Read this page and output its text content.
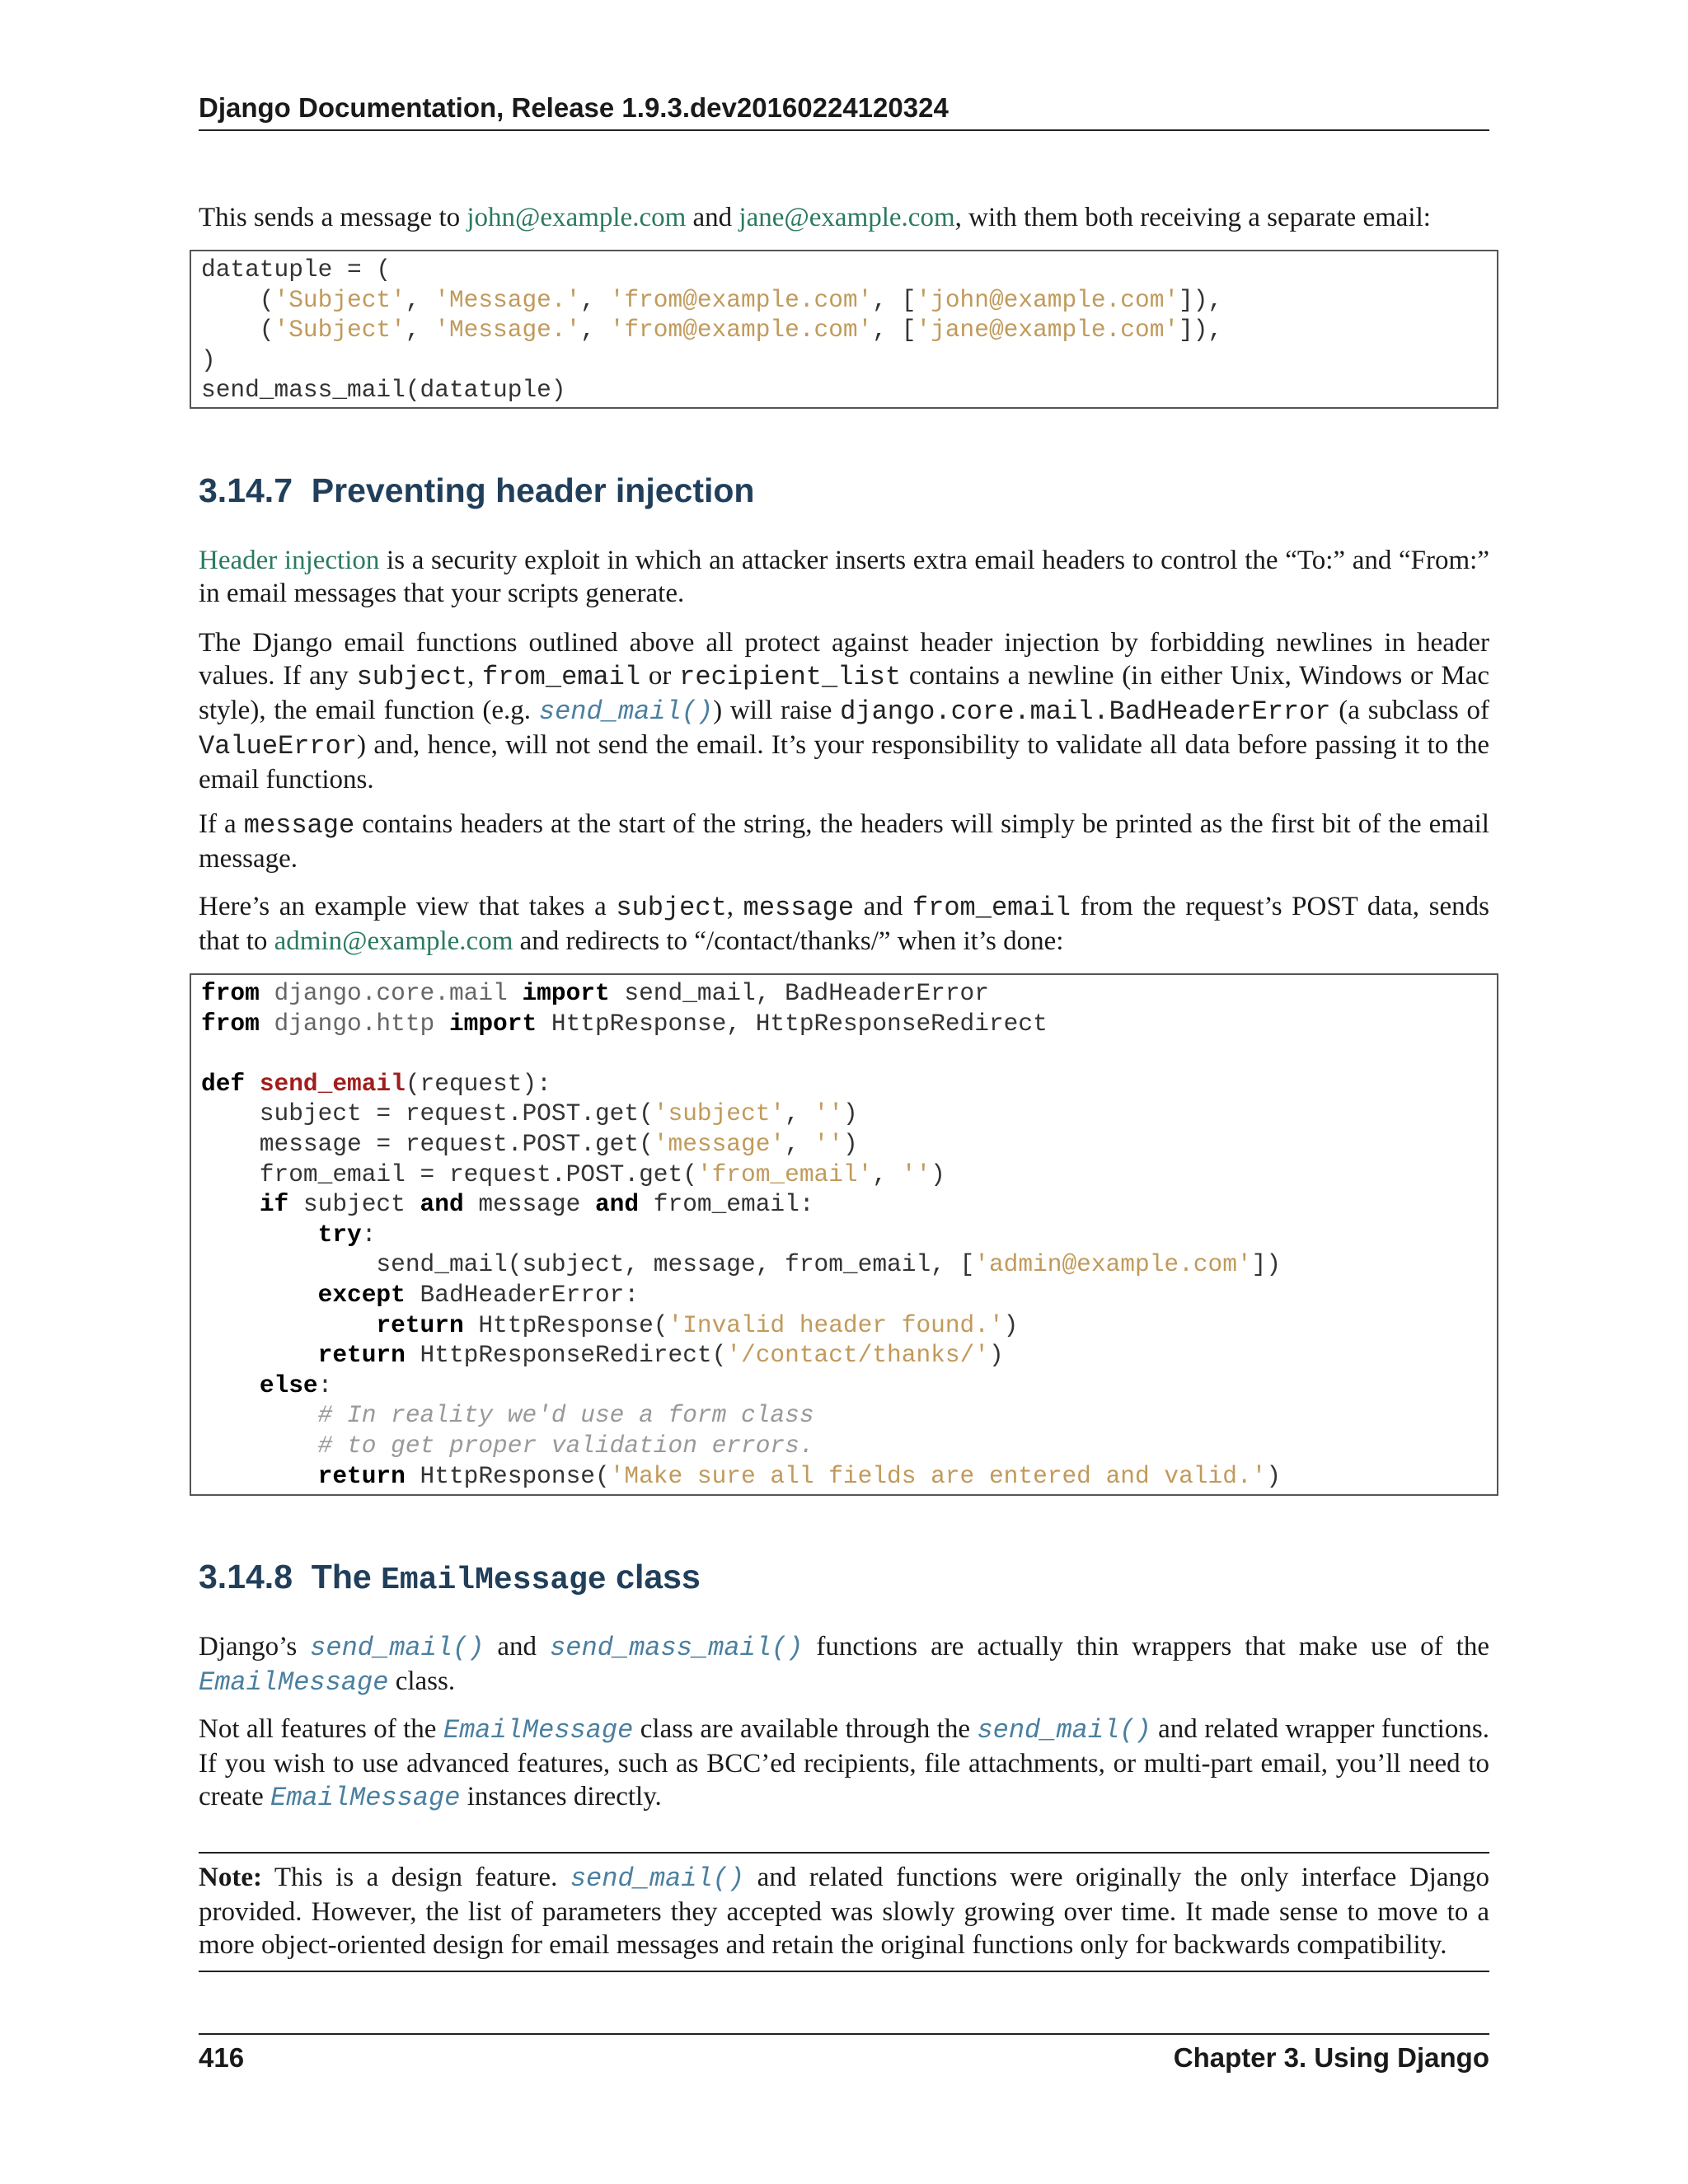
Django Documentation, Release 1.9.3.dev20160224120324

This sends a message to john@example.com and jane@example.com, with them both receiving a separate email:

datatuple = (
('Subject', 'Message.', 'from@example.com', ['john@example.com']),
('Subject', 'Message.', 'from@example.com', ['jane@example.com']),
)
send_mass_mail(datatuple)
3.14.7 Preventing header injection

Header injection is a security exploit in which an attacker inserts extra email headers to control the “To:” and “From:” in email messages that your scripts generate.

The Django email functions outlined above all protect against header injection by forbidding newlines in header values. If any subject, from_email or recipient_list contains a newline (in either Unix, Windows or Mac style), the email function (e.g. send_mail()) will raise django.core.mail.BadHeaderError (a subclass of ValueError) and, hence, will not send the email. It’s your responsibility to validate all data before passing it to the email functions.

If a message contains headers at the start of the string, the headers will simply be printed as the first bit of the email message.

Here’s an example view that takes a subject, message and from_email from the request’s POST data, sends that to admin@example.com and redirects to “/contact/thanks/” when it’s done:

from django.core.mail import send_mail, BadHeaderError
from django.http import HttpResponse, HttpResponseRedirect

def send_email(request):
subject = request.POST.get('subject', '')
message = request.POST.get('message', '')
from_email = request.POST.get('from_email', '')
if subject and message and from_email:
try:
send_mail(subject, message, from_email, ['admin@example.com'])
except BadHeaderError:
return HttpResponse('Invalid header found.')
return HttpResponseRedirect('/contact/thanks/')
else:
# In reality we'd use a form class
# to get proper validation errors.
return HttpResponse('Make sure all fields are entered and valid.')
3.14.8 The EmailMessage class

Django’s send_mail() and send_mass_mail() functions are actually thin wrappers that make use of the EmailMessage class.

Not all features of the EmailMessage class are available through the send_mail() and related wrapper functions. If you wish to use advanced features, such as BCC’ed recipients, file attachments, or multi-part email, you’ll need to create EmailMessage instances directly.

Note: This is a design feature. send_mail() and related functions were originally the only interface Django provided. However, the list of parameters they accepted was slowly growing over time. It made sense to move to a more object-oriented design for email messages and retain the original functions only for backwards compatibility.

416	Chapter 3. Using Django
